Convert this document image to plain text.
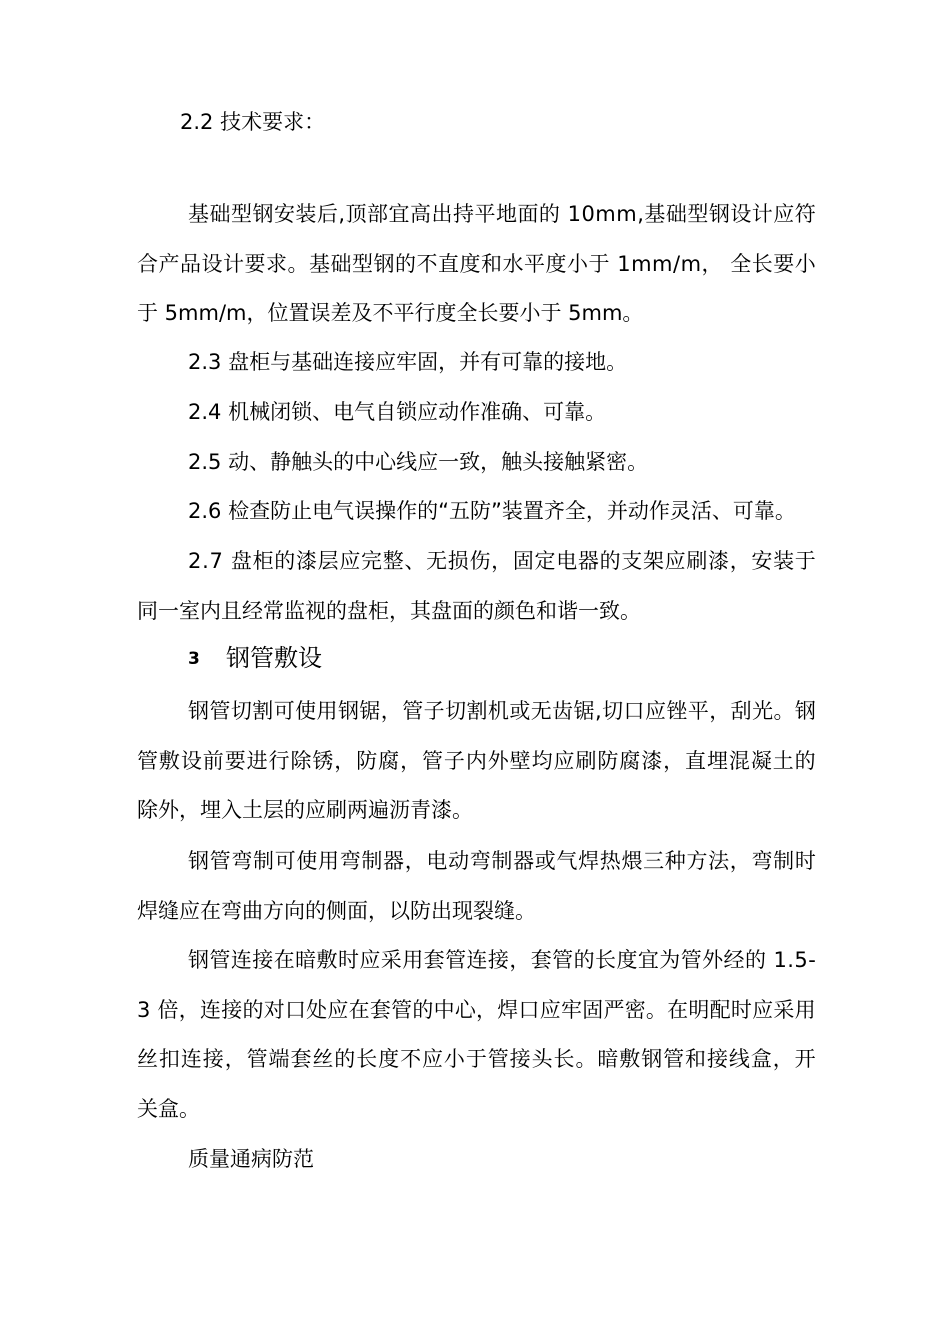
2.2 技术要求：
基 础 型 钢 安 装 后 , 顶 部 宜 高 出 持 平 地 面 的
1 0 m m , 基 础 型 钢 设 计 应 符
合 产 品 设 计 要 求 。 基 础 型 钢 的 不 直 度 和 水 平 度 小 于
1 m m / m ，
全 长 要 小
于 5mm/m，位置误差及不平行度全长要小于 5mm。
2.3 盘柜与基础连接应牢固，并有可靠的接地。
2.4 机械闭锁、电气自锁应动作准确、可靠。
2.5 动、静触头的中心线应一致，触头接触紧密。
2.6 检查防止电气误操作的“五防”装置齐全，并动作灵活、可靠。
2 . 7
盘 柜 的 漆 层 应 完 整 、 无 损 伤 ， 固 定 电 器 的 支 架 应 刷 漆 ， 安 装 于
同一室内且经常监视的盘柜，其盘面的颜色和谐一致。
3 钢管敷设
钢 管 切 割 可 使 用 钢 锯 ， 管 子 切 割 机 或 无 齿 锯 , 切 口 应 锉 平 ， 刮 光 。 钢
管 敷 设 前 要 进 行 除 锈 ， 防 腐 ， 管 子 内 外 壁 均 应 刷 防 腐 漆 ， 直 埋 混 凝 土 的
除外，埋入土层的应刷两遍沥青漆。
钢 管 弯 制 可 使 用 弯 制 器 ， 电 动 弯 制 器 或 气 焊 热 煨 三 种 方 法 ， 弯 制 时
焊缝应在弯曲方向的侧面，以防出现裂缝。
钢 管 连 接 在 暗 敷 时 应 采 用 套 管 连 接 ， 套 管 的 长 度 宜 为 管 外 经 的
1 . 5 -
3
倍 ， 连 接 的 对 口 处 应 在 套 管 的 中 心 ， 焊 口 应 牢 固 严 密 。 在 明 配 时 应 采 用
丝 扣 连 接 ， 管 端 套 丝 的 长 度 不 应 小 于 管 接 头 长 。 暗 敷 钢 管 和 接 线 盒 ， 开
关盒。
质量通病防范
